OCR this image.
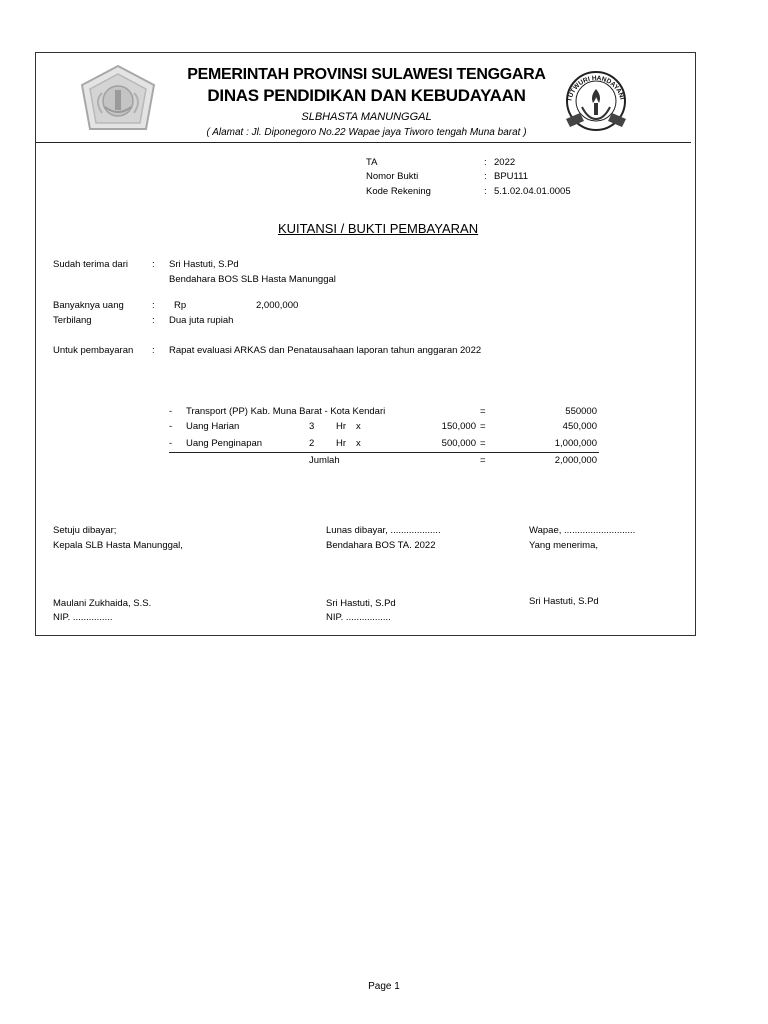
PEMERINTAH PROVINSI SULAWESI TENGGARA
DINAS PENDIDIKAN DAN KEBUDAYAAN
SLBHASTA MANUNGGAL
( Alamat : Jl. Diponegoro No.22 Wapae jaya Tiworo tengah Muna barat )
TUTWURI HANDAYANI
TA	: 2022
Nomor Bukti	: BPU111
Kode Rekening	: 5.1.02.04.01.0005
KUITANSI / BUKTI PEMBAYARAN
Sudah terima dari	: Sri Hastuti, S.Pd
Bendahara BOS SLB Hasta Manunggal
Banyaknya uang	: Rp	2,000,000
Terbilang	: Dua juta rupiah
Untuk pembayaran : Rapat evaluasi ARKAS dan Penatausahaan laporan tahun anggaran 2022
- Transport (PP) Kab. Muna Barat - Kota Kendari	=	550000
- Uang Harian	3 Hr x	150,000 =	450,000
- Uang Penginapan	2 Hr x	500,000 =	1,000,000
Jumlah	=	2,000,000
Setuju dibayar;
Kepala SLB Hasta Manunggal,
Maulani Zukhaida, S.S.
NIP. ...............
Lunas dibayar, ...................
Bendahara BOS TA. 2022
Sri Hastuti, S.Pd
NIP. .................
Wapae, ...........................
Yang menerima,
Sri Hastuti, S.Pd
Page 1
